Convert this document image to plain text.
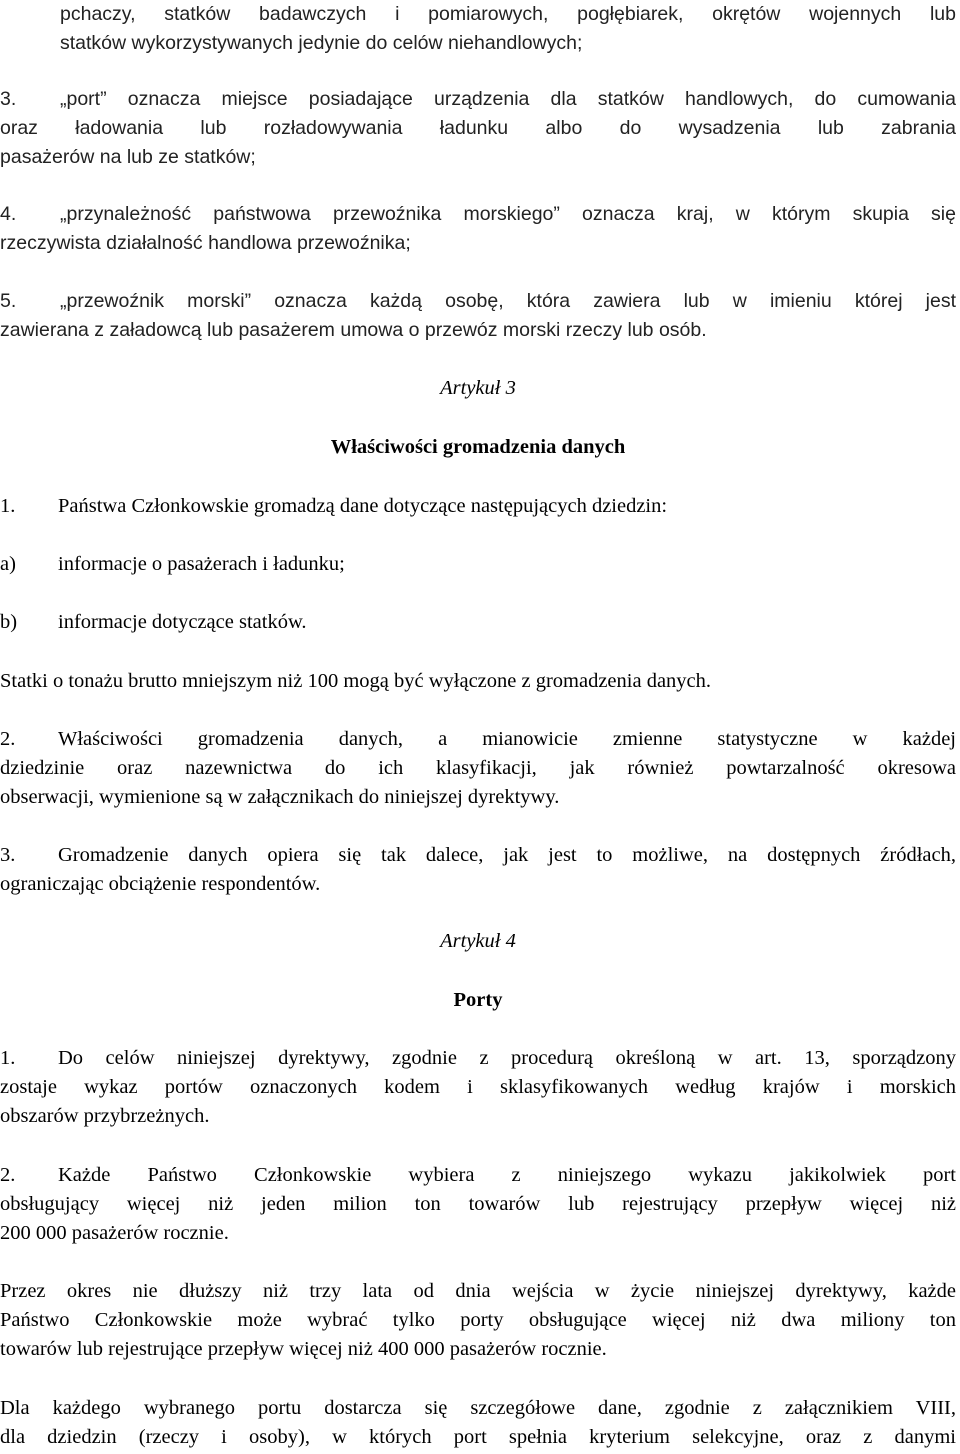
pchaczy, statków badawczych i pomiarowych, pogłębiarek, okrętów wojennych lub
statków wykorzystywanych jedynie do celów niehandlowych;
3. „port” oznacza miejsce posiadające urządzenia dla statków handlowych, do cumowania
oraz ładowania lub rozładowywania ładunku albo do wysadzenia lub zabrania
pasażerów na lub ze statków;
4. „przynależność państwowa przewoźnika morskiego” oznacza kraj, w którym skupia się
rzeczywista działalność handlowa przewoźnika;
5. „przewoźnik morski” oznacza każdą osobę, która zawiera lub w imieniu której jest
zawierana z załadowcą lub pasażerem umowa o przewóz morski rzeczy lub osób.
Artykuł 3
Właściwości gromadzenia danych
1. Państwa Członkowskie gromadzą dane dotyczące następujących dziedzin:
a) informacje o pasażerach i ładunku;
b) informacje dotyczące statków.
Statki o tonażu brutto mniejszym niż 100 mogą być wyłączone z gromadzenia danych.
2. Właściwości gromadzenia danych, a mianowicie zmienne statystyczne w każdej
dziedzinie oraz nazewnictwa do ich klasyfikacji, jak również powtarzalność okresowa
obserwacji, wymienione są w załącznikach do niniejszej dyrektywy.
3. Gromadzenie danych opiera się tak dalece, jak jest to możliwe, na dostępnych źródłach,
ograniczając obciążenie respondentów.
Artykuł 4
Porty
1. Do celów niniejszej dyrektywy, zgodnie z procedurą określoną w art. 13, sporządzony
zostaje wykaz portów oznaczonych kodem i sklasyfikowanych według krajów i morskich
obszarów przybrzeżnych.
2. Każde Państwo Członkowskie wybiera z niniejszego wykazu jakikolwiek port
obsługujący więcej niż jeden milion ton towarów lub rejestrujący przepływ więcej niż
200 000 pasażerów rocznie.
Przez okres nie dłuższy niż trzy lata od dnia wejścia w życie niniejszej dyrektywy, każde
Państwo Członkowskie może wybrać tylko porty obsługujące więcej niż dwa miliony ton
towarów lub rejestrujące przepływ więcej niż 400 000 pasażerów rocznie.
Dla każdego wybranego portu dostarcza się szczegółowe dane, zgodnie z załącznikiem VIII,
dla dziedzin (rzeczy i osoby), w których port spełnia kryterium selekcyjne, oraz z danymi
